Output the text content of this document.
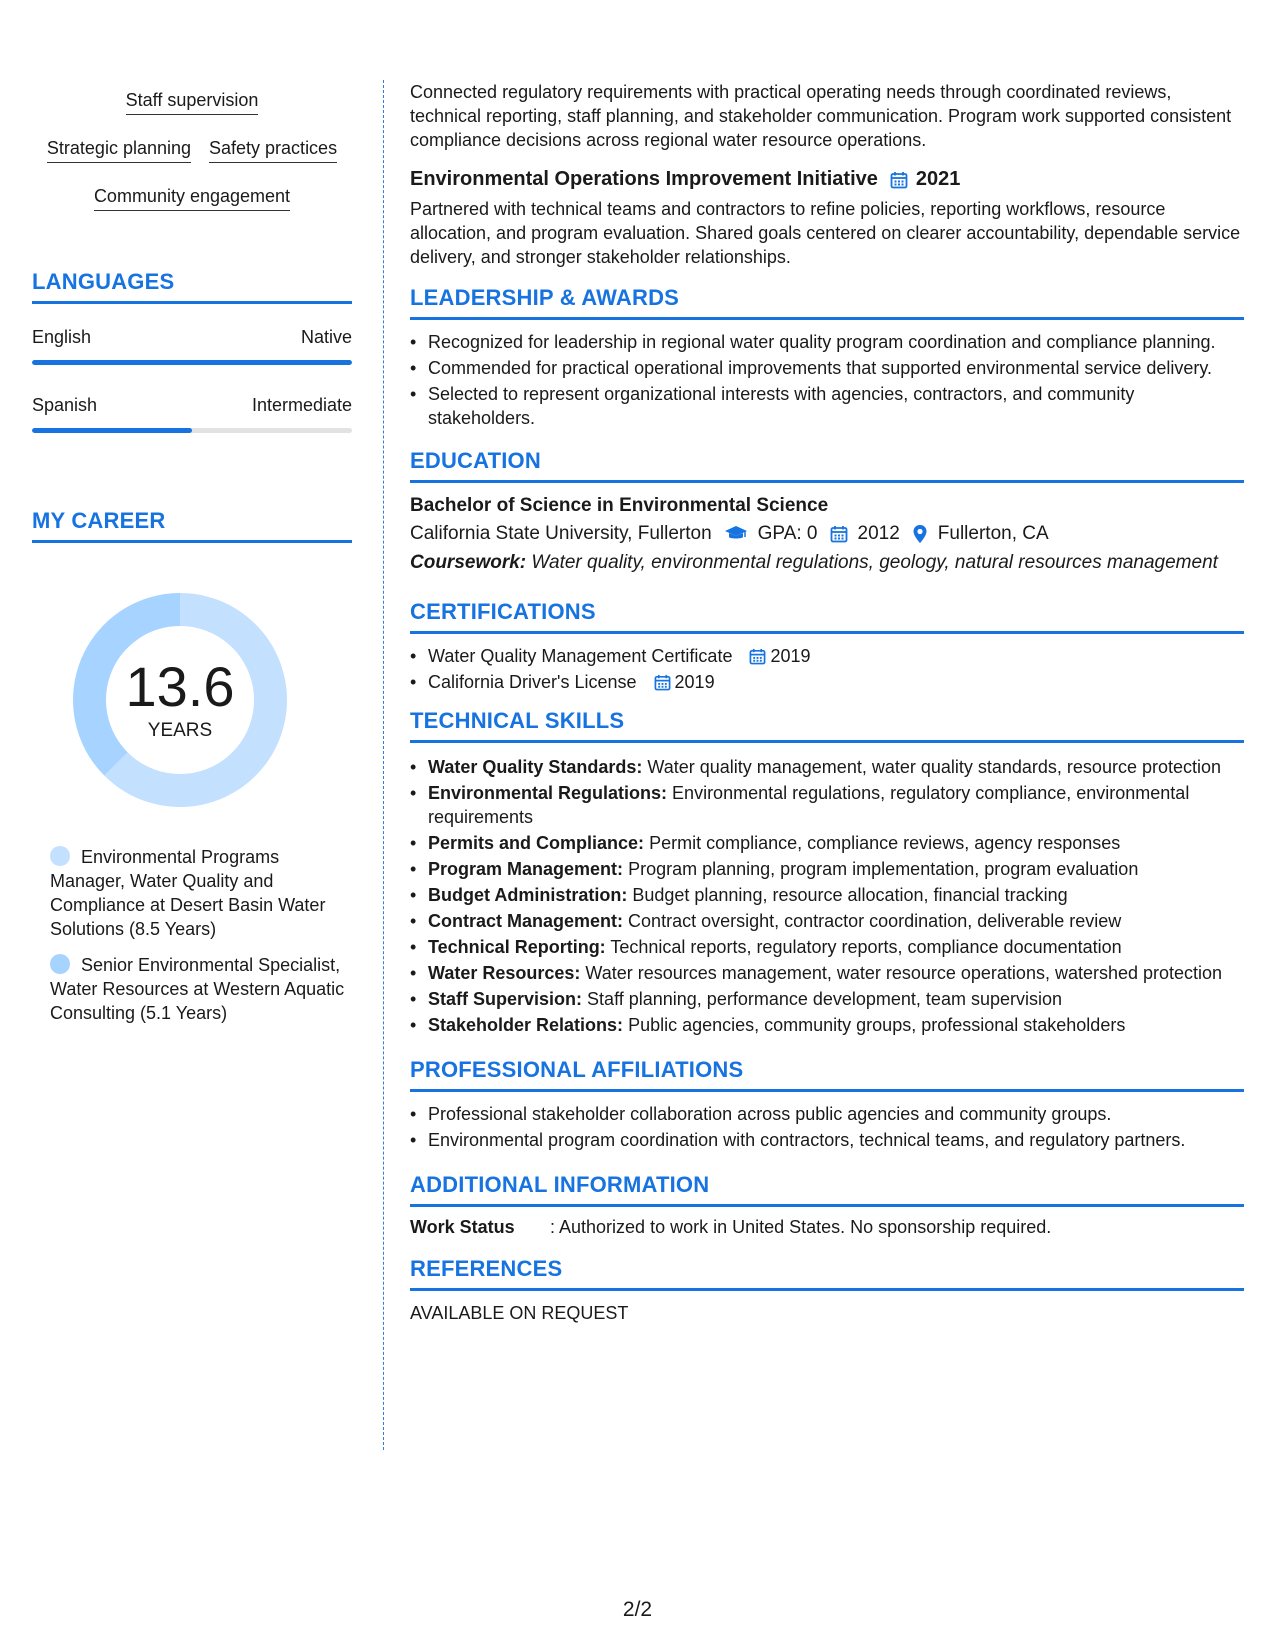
Staff supervision
Strategic planning Safety practices
Community engagement
LANGUAGES
English	Native
Spanish	Intermediate
MY CAREER
13.6
YEARS
Environmental Programs Manager, Water Quality and Compliance at Desert Basin Water Solutions (8.5 Years)
Senior Environmental Specialist, Water Resources at Western Aquatic Consulting (5.1 Years)

Connected regulatory requirements with practical operating needs through coordinated reviews, technical reporting, staff planning, and stakeholder communication. Program work supported consistent compliance decisions across regional water resource operations.

Environmental Operations Improvement Initiative 2021

Partnered with technical teams and contractors to refine policies, reporting workflows, resource allocation, and program evaluation. Shared goals centered on clearer accountability, dependable service delivery, and stronger stakeholder relationships.

LEADERSHIP & AWARDS
• Recognized for leadership in regional water quality program coordination and compliance planning.
• Commended for practical operational improvements that supported environmental service delivery.
• Selected to represent organizational interests with agencies, contractors, and community stakeholders.
EDUCATION
Bachelor of Science in Environmental Science
California State University, Fullerton GPA: 0 2012 Fullerton, CA
Coursework: Water quality, environmental regulations, geology, natural resources management
CERTIFICATIONS
• Water Quality Management Certificate 2019
• California Driver's License 2019
TECHNICAL SKILLS
• Water Quality Standards: Water quality management, water quality standards, resource protection
• Environmental Regulations: Environmental regulations, regulatory compliance, environmental requirements
• Permits and Compliance: Permit compliance, compliance reviews, agency responses
• Program Management: Program planning, program implementation, program evaluation
• Budget Administration: Budget planning, resource allocation, financial tracking
• Contract Management: Contract oversight, contractor coordination, deliverable review
• Technical Reporting: Technical reports, regulatory reports, compliance documentation
• Water Resources: Water resources management, water resource operations, watershed protection
• Staff Supervision: Staff planning, performance development, team supervision
• Stakeholder Relations: Public agencies, community groups, professional stakeholders
PROFESSIONAL AFFILIATIONS
• Professional stakeholder collaboration across public agencies and community groups.
• Environmental program coordination with contractors, technical teams, and regulatory partners.
ADDITIONAL INFORMATION
Work Status	: Authorized to work in United States. No sponsorship required.
REFERENCES
AVAILABLE ON REQUEST
2/2
